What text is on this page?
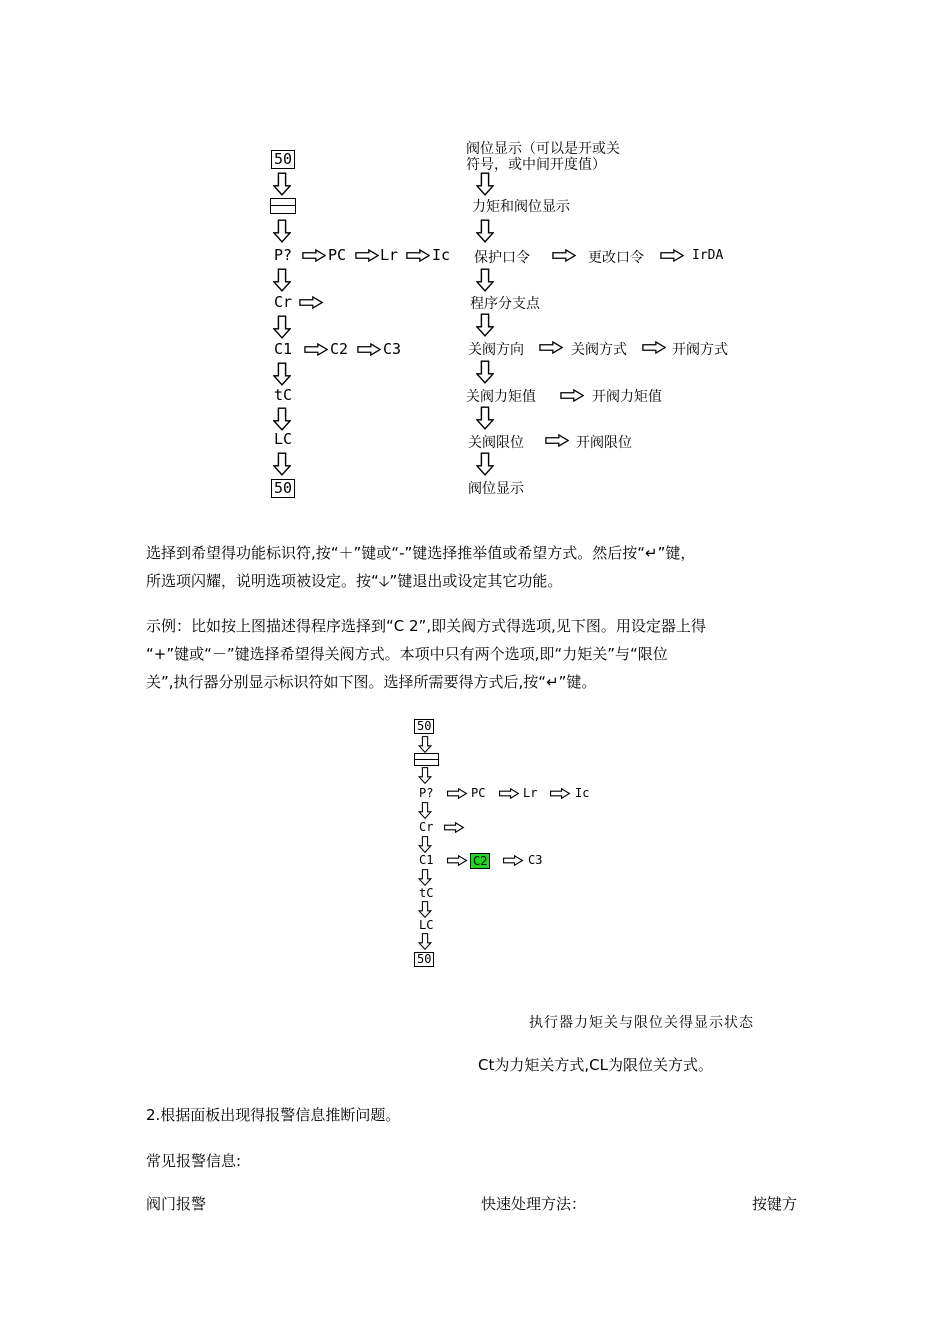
50
P? PC Lr Ic
Cr
C1	C2 C3
tC
LC
50
阀位显示（可以是开或关
符号，或中间开度值）
力矩和阀位显示
保护口令	更改口令	IrDA
程序分支点
关阀方向	关阀方式	开阀方式
关阀力矩值	开阀力矩值
关阀限位	开阀限位
阀位显示
选择到希望得功能标识符,按“＋”键或“-”键选择推举值或希望方式。然后按“↵”键，
所选项闪耀，说明选项被设定。按“🡣”键退出或设定其它功能。
示例：比如按上图描述得程序选择到“C 2”,即关阀方式得选项,见下图。用设定器上得
“+”键或“－”键选择希望得关阀方式。本项中只有两个选项,即“力矩关”与“限位
关”,执行器分别显示标识符如下图。选择所需要得方式后,按“↵”键。
50
P?	PC	Lr	Ic
Cr
C1	C2	C3
tC
LC
50
执行器力矩关与限位关得显示状态
Ct为力矩关方式,CL为限位关方式。
2.根据面板出现得报警信息推断问题。
常见报警信息:
阀门报警	快速处理方法：	按键方
